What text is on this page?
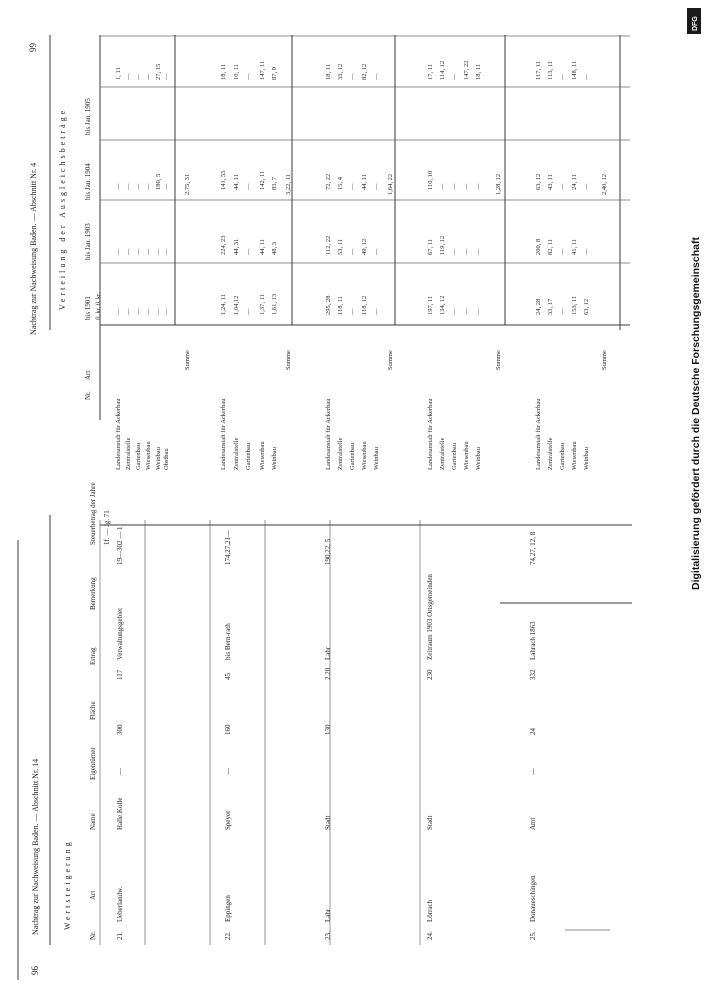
96
Nachtrag zur Nachweisung Baden. — Abschnitt Nr. 14	Wertsteigerung
Nr.
Art
Name
Eigentümer
Fläche
Ertrag
Bemerkung
Steuerbetrag der Jahre 1f. — Jg. 71
21.
Ueberlandw.
Halle Kolle
—
300
117
Verwaltungsgebiet
19—302 — 1
22.
Eppingen
Speyer
—
160
45
bis Bern-rath
174,27,21—
23.
Lahr
Stadt
130
2.20
Lahr
190,22, 5
24.
Lörrach
Stadt
230
Zeitraum 1903 Ortsgemeinden
25.
Donaueschingen
Amt
—
24
332
Lahrach 1863
74,27, 12, 8
Nachtrag zur Nachweisung Baden. — Abschnitt Nr. 4
99
Verteilung der Ausgleichsbeträge
Nr.
Art
bis 1901
bis Jan. 1903
bis Jan. 1904
bis Jan. 1905
fl. kr. fl. kr.
Landesanstalt für Ackerbau
—
—
—
1, 11
Zentralstelle
—
—
—
—
Gartenbau
—
—
—
—
Wiesenbau
—
—
—
—
Weinbau
—
—
180, 5
27, 15
Obstbau
—
—
—
—
Summe
2.75, 31
Landesanstalt für Ackerbau
1,24, 11
224, 23
141, 55
18, 11
Zentralstelle
1,04,12
44, 31
44, 11
10, 11
Gartenbau
—
—
—
—
Wiesenbau
1,37, 11
44, 11
142, 11
147, 11
Weinbau
1,61, 13
48, 3
83, 7
87, 9
Summe
3,22, 11
Landesanstalt für Ackerbau
295, 28
112, 22
72, 22
18, 11
Zentralstelle
118, 11
53, 11
15, 4
33, 12
Gartenbau
—
—
—
—
Wiesenbau
118, 12
49, 12
44, 11
82, 12
Weinbau
—
—
—
—
Summe
1,64, 22
Landesanstalt für Ackerbau
197, 11
67, 11
110, 10
17, 11
Zentralstelle
134, 12
119, 12
—
114, 12
Gartenbau
—
—
—
—
Wiesenbau
—
—
—
147, 22
Weinbau
—
—
—
18, 11
Summe
1,28, 12
Landesanstalt für Ackerbau
24, 28
200, 8
63, 12
117, 11
Zentralstelle
33, 17
82, 11
43, 11
113, 11
Gartenbau
—
—
—
—
Wiesenbau
153, 11
41, 11
24, 11
148, 11
Weinbau
63, 12
—
—
—
Summe
2,40, 12
DFG
Digitalisierung gefördert durch die Deutsche Forschungsgemeinschaft
